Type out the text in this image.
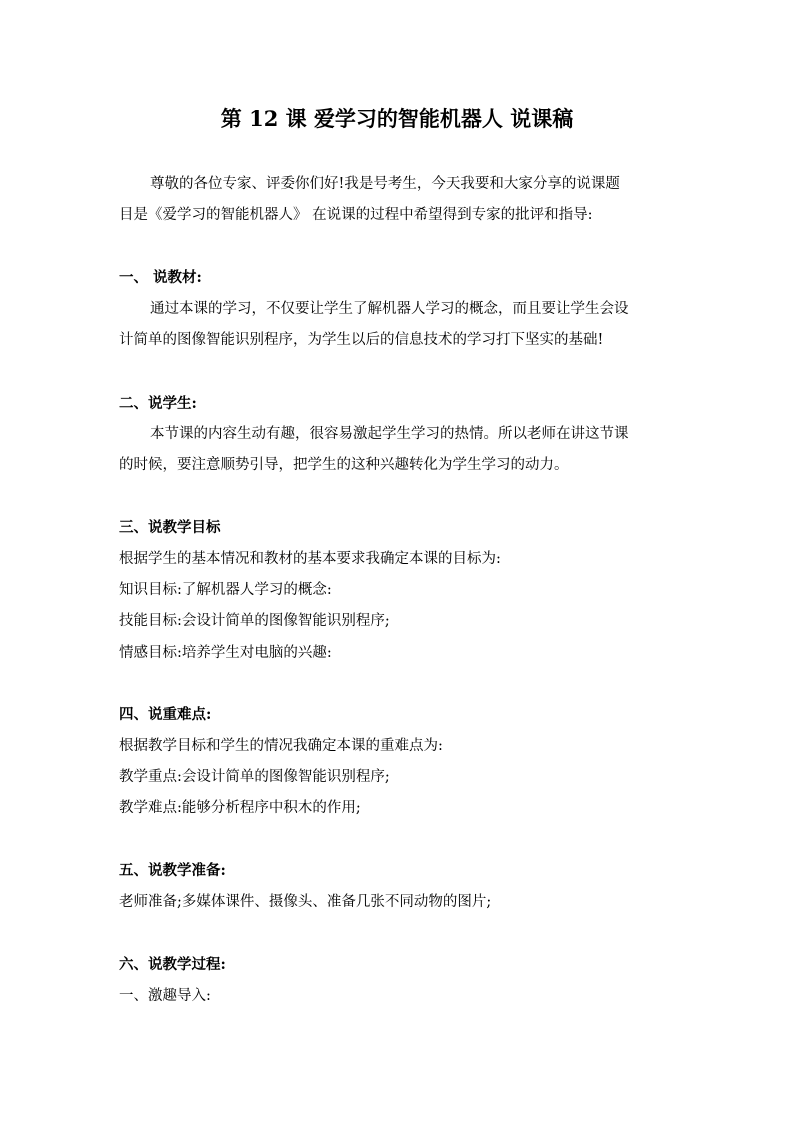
第 12 课 爱学习的智能机器人 说课稿
尊敬的各位专家、评委你们好!我是号考生，今天我要和大家分享的说课题
目是《爱学习的智能机器人》 在说课的过程中希望得到专家的批评和指导:
一、 说教材:
通过本课的学习，不仅要让学生了解机器人学习的概念，而且要让学生会设
计简单的图像智能识别程序，为学生以后的信息技术的学习打下坚实的基础!
二、说学生:
本节课的内容生动有趣，很容易激起学生学习的热情。所以老师在讲这节课
的时候，要注意顺势引导，把学生的这种兴趣转化为学生学习的动力。
三、说教学目标
根据学生的基本情况和教材的基本要求我确定本课的目标为:
知识目标:了解机器人学习的概念:
技能目标:会设计简单的图像智能识别程序;
情感目标:培养学生对电脑的兴趣:
四、说重难点:
根据教学目标和学生的情况我确定本课的重难点为:
教学重点:会设计简单的图像智能识别程序;
教学难点:能够分析程序中积木的作用;
五、说教学准备:
老师准备;多媒体课件、摄像头、准备几张不同动物的图片;
六、说教学过程:
一、激趣导入:
